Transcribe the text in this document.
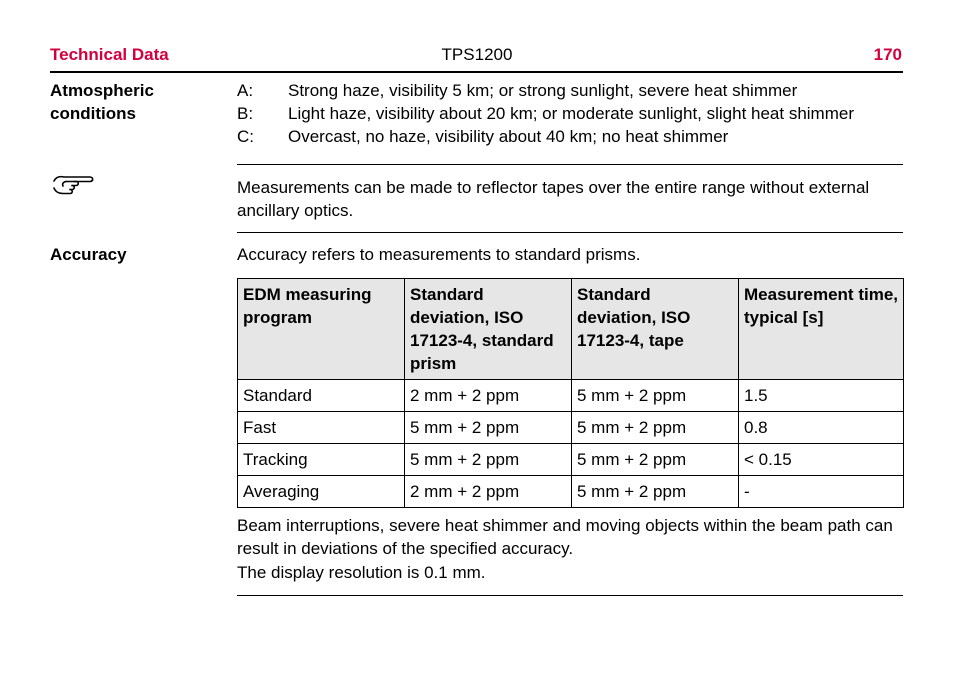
Technical Data	TPS1200	170
Atmospheric conditions
A:	Strong haze, visibility 5 km; or strong sunlight, severe heat shimmer
B:	Light haze, visibility about 20 km; or moderate sunlight, slight heat shimmer
C:	Overcast, no haze, visibility about 40 km; no heat shimmer
Measurements can be made to reflector tapes over the entire range without external ancillary optics.
Accuracy	Accuracy refers to measurements to standard prisms.
EDM measuring program	Standard deviation, ISO 17123-4, standard prism	Standard deviation, ISO 17123-4, tape	Measurement time, typical [s]
Standard	2 mm + 2 ppm	5 mm + 2 ppm	1.5
Fast	5 mm + 2 ppm	5 mm + 2 ppm	0.8
Tracking	5 mm + 2 ppm	5 mm + 2 ppm	< 0.15
Averaging	2 mm + 2 ppm	5 mm + 2 ppm	-
Beam interruptions, severe heat shimmer and moving objects within the beam path can result in deviations of the specified accuracy.
The display resolution is 0.1 mm.
